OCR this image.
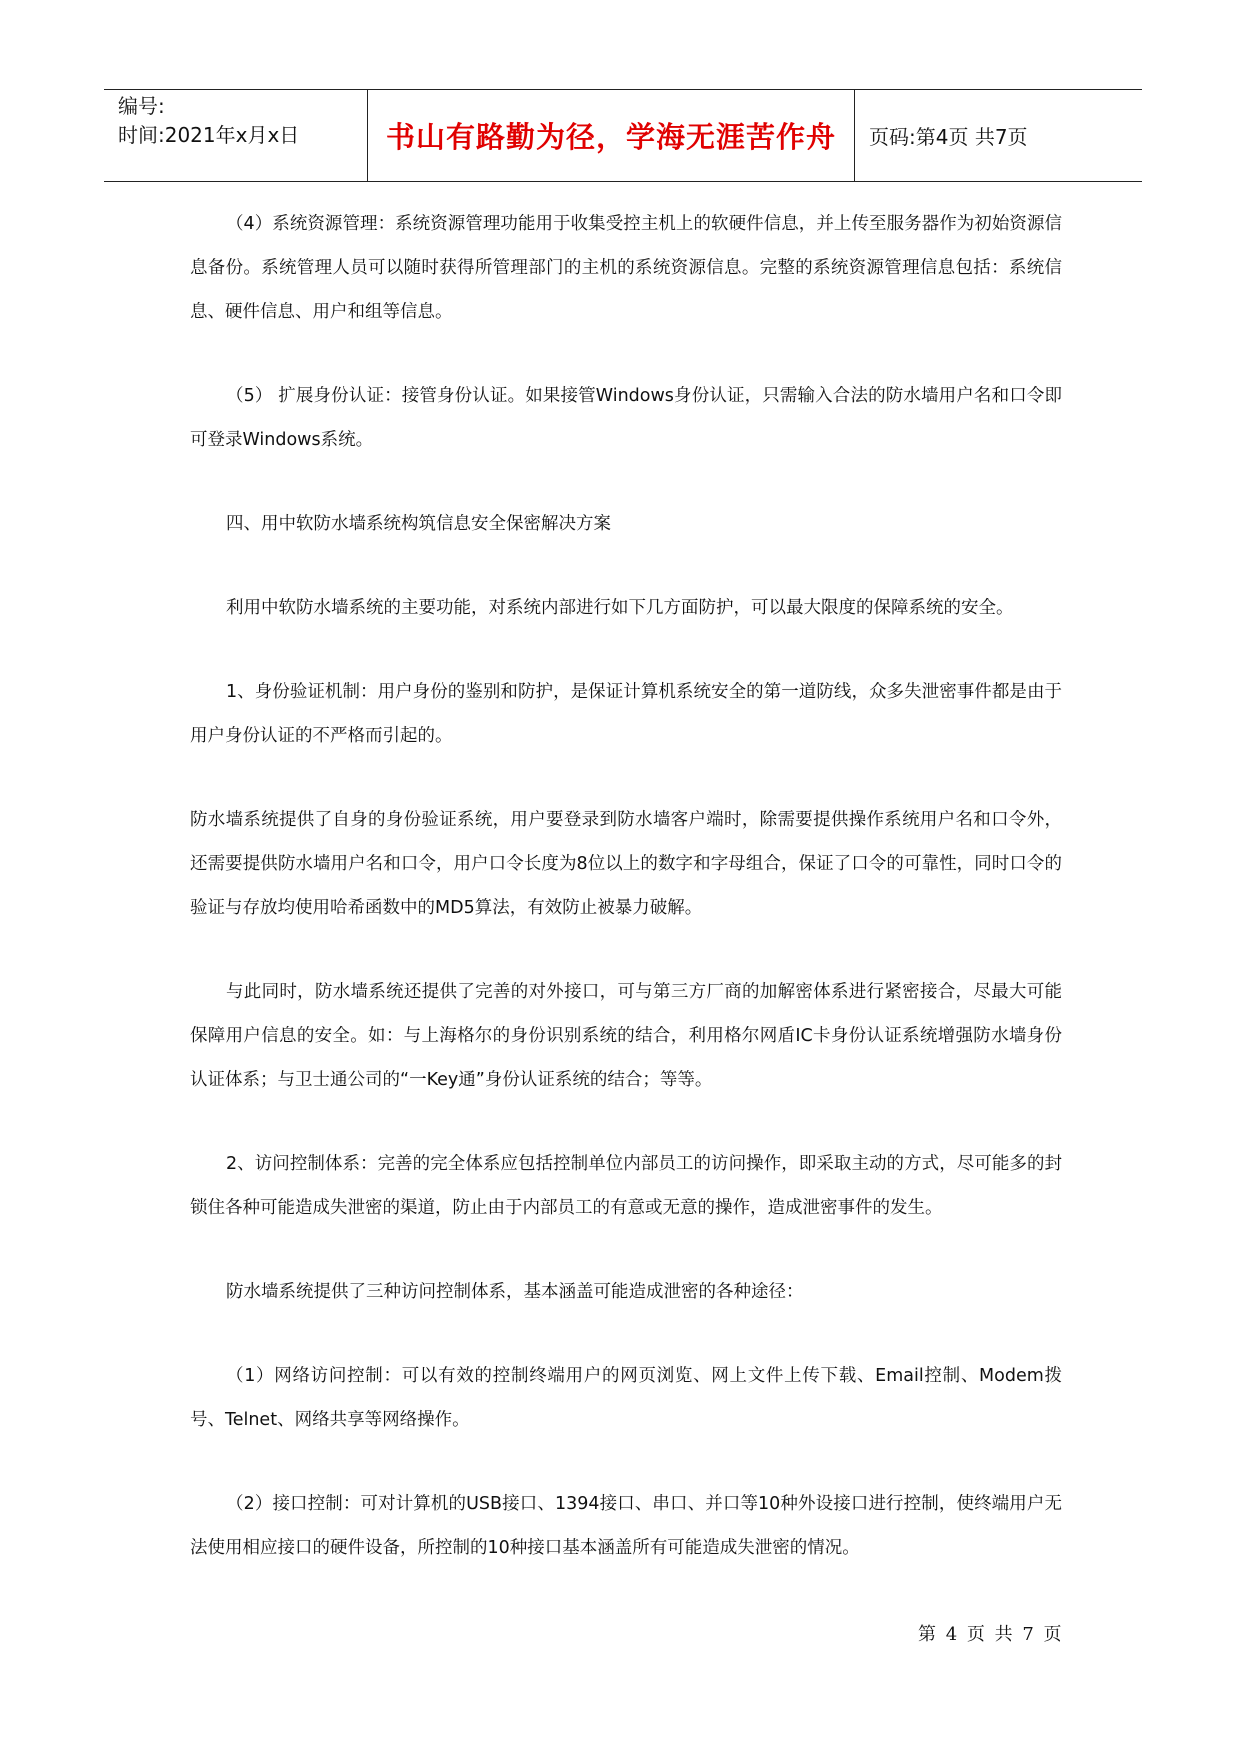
编号:
时间:2021年x月x日	书山有路勤为径，学海无涯苦作舟 页码:第4页 共7页

（4）系统资源管理：系统资源管理功能用于收集受控主机上的软硬件信息，并上传至服务器作为初始资源信息备份。系统管理人员可以随时获得所管理部门的主机的系统资源信息。完整的系统资源管理信息包括：系统信息、硬件信息、用户和组等信息。

（5） 扩展身份认证：接管身份认证。如果接管Windows身份认证，只需输入合法的防水墙用户名和口令即可登录Windows系统。

四、用中软防水墙系统构筑信息安全保密解决方案

利用中软防水墙系统的主要功能，对系统内部进行如下几方面防护，可以最大限度的保障系统的安全。

1、身份验证机制：用户身份的鉴别和防护，是保证计算机系统安全的第一道防线，众多失泄密事件都是由于用户身份认证的不严格而引起的。

防水墙系统提供了自身的身份验证系统，用户要登录到防水墙客户端时，除需要提供操作系统用户名和口令外，还需要提供防水墙用户名和口令，用户口令长度为8位以上的数字和字母组合，保证了口令的可靠性，同时口令的验证与存放均使用哈希函数中的MD5算法，有效防止被暴力破解。

与此同时，防水墙系统还提供了完善的对外接口，可与第三方厂商的加解密体系进行紧密接合，尽最大可能保障用户信息的安全。如：与上海格尔的身份识别系统的结合，利用格尔网盾IC卡身份认证系统增强防水墙身份认证体系；与卫士通公司的“一Key通”身份认证系统的结合；等等。

2、访问控制体系：完善的完全体系应包括控制单位内部员工的访问操作，即采取主动的方式，尽可能多的封锁住各种可能造成失泄密的渠道，防止由于内部员工的有意或无意的操作，造成泄密事件的发生。

防水墙系统提供了三种访问控制体系，基本涵盖可能造成泄密的各种途径：

（1）网络访问控制：可以有效的控制终端用户的网页浏览、网上文件上传下载、Email控制、Modem拨号、Telnet、网络共享等网络操作。

（2）接口控制：可对计算机的USB接口、1394接口、串口、并口等10种外设接口进行控制，使终端用户无法使用相应接口的硬件设备，所控制的10种接口基本涵盖所有可能造成失泄密的情况。

第 4 页 共 7 页
